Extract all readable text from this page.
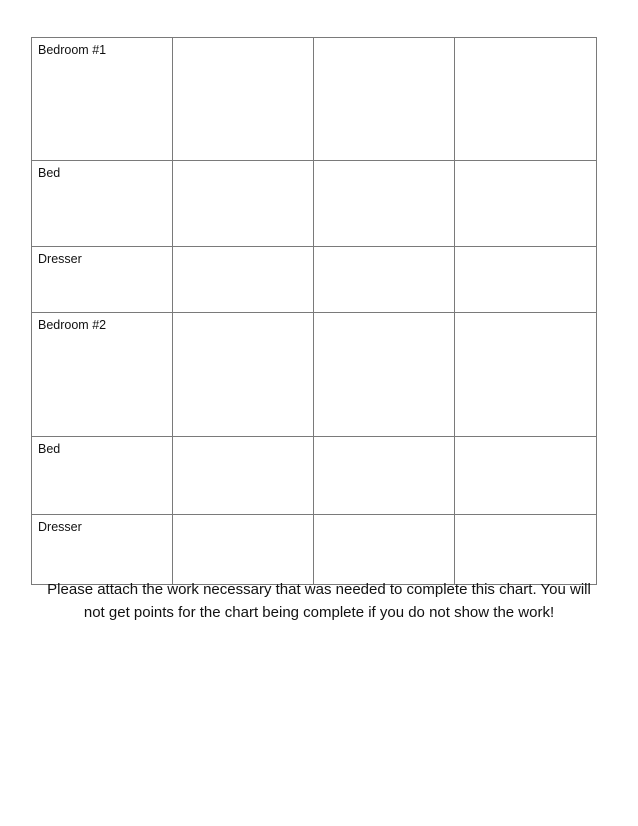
Bedroom #1			
Bed			
Dresser			
Bedroom #2			
Bed			
Dresser			
Please attach the work necessary that was needed to complete this chart. You will
not get points for the chart being complete if you do not show the work!
